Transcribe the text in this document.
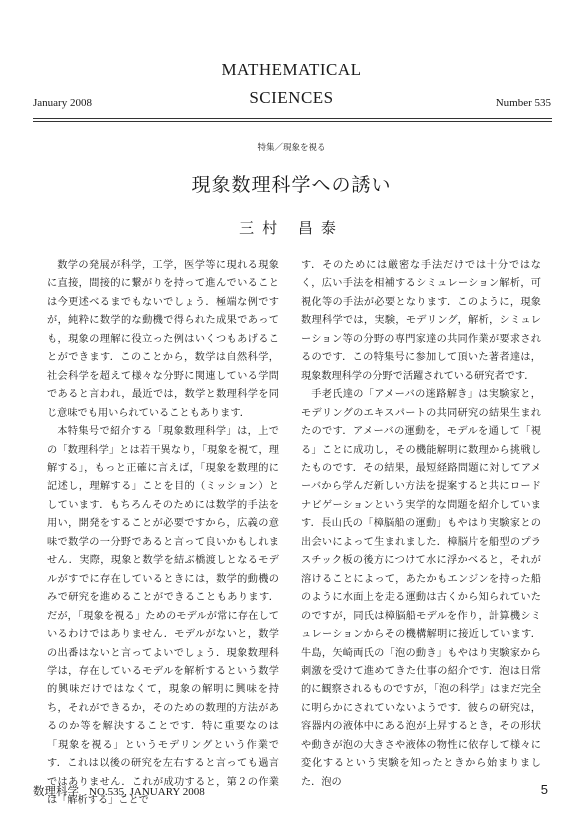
January 2008
MATHEMATICAL
SCIENCES	Number 535
特集／現象を視る
現象数理科学への誘い
三村 昌泰

数学の発展が科学，工学，医学等に現れる現象に直接，間接的に繋がりを持って進んでいることは今更述べるまでもないでしょう．極端な例ですが，純粋に数学的な動機で得られた成果であっても，現象の理解に役立った例はいくつもあげることができます．このことから，数学は自然科学，社会科学を超えて様々な分野に関連している学問であると言われ，最近では，数学と数理科学を同じ意味でも用いられていることもあります．

本特集号で紹介する「現象数理科学」は，上での「数理科学」とは若干異なり，「現象を視て，理解する」，もっと正確に言えば，「現象を数理的に記述し，理解する」ことを目的（ミッション）としています．もちろんそのためには数学的手法を用い，開発をすることが必要ですから，広義の意味で数学の一分野であると言って良いかもしれません．実際，現象と数学を結ぶ橋渡しとなるモデルがすでに存在しているときには，数学的動機のみで研究を進めることができることもあります．だが，「現象を視る」ためのモデルが常に存在しているわけではありません．モデルがないと，数学の出番はないと言ってよいでしょう．現象数理科学は，存在しているモデルを解析するという数学的興味だけではなくて，現象の解明に興味を持ち，それができるか，そのための数理的方法があるのか等を解決することです．特に重要なのは「現象を視る」というモデリングという作業です．これは以後の研究を左右すると言っても過言ではありません．これが成功すると，第２の作業は「解析する」ことで

す．そのためには厳密な手法だけでは十分ではなく，広い手法を相補するシミュレーション解析，可視化等の手法が必要となります．このように，現象数理科学では，実験，モデリング，解析，シミュレーション等の分野の専門家達の共同作業が要求されるのです．この特集号に参加して頂いた著者達は，現象数理科学の分野で活躍されている研究者です．

手老氏達の「アメーバの迷路解き」は実験家と，モデリングのエキスパートの共同研究の結果生まれたのです．アメーバの運動を，モデルを通して「視る」ことに成功し，その機能解明に数理から挑戦したものです．その結果，最短経路問題に対してアメーバから学んだ新しい方法を提案すると共にロードナビゲーションという実学的な問題を紹介しています．長山氏の「樟脳船の運動」もやはり実験家との出会いによって生まれました．樟脳片を船型のプラスチック板の後方につけて水に浮かべると，それが溶けることによって，あたかもエンジンを持った船のように水面上を走る運動は古くから知られていたのですが，同氏は樟脳船モデルを作り，計算機シミュレーションからその機構解明に接近しています．牛島，矢崎両氏の「泡の動き」もやはり実験家から刺激を受けて進めてきた仕事の紹介です．泡は日常的に観察されるものですが，「泡の科学」はまだ完全に明らかにされていないようです．彼らの研究は，容器内の液体中にある泡が上昇するとき，その形状や動きが泡の大きさや液体の物性に依存して様々に変化するという実験を知ったときから始まりました．泡の

数理科学 NO.535, JANUARY 2008	5
